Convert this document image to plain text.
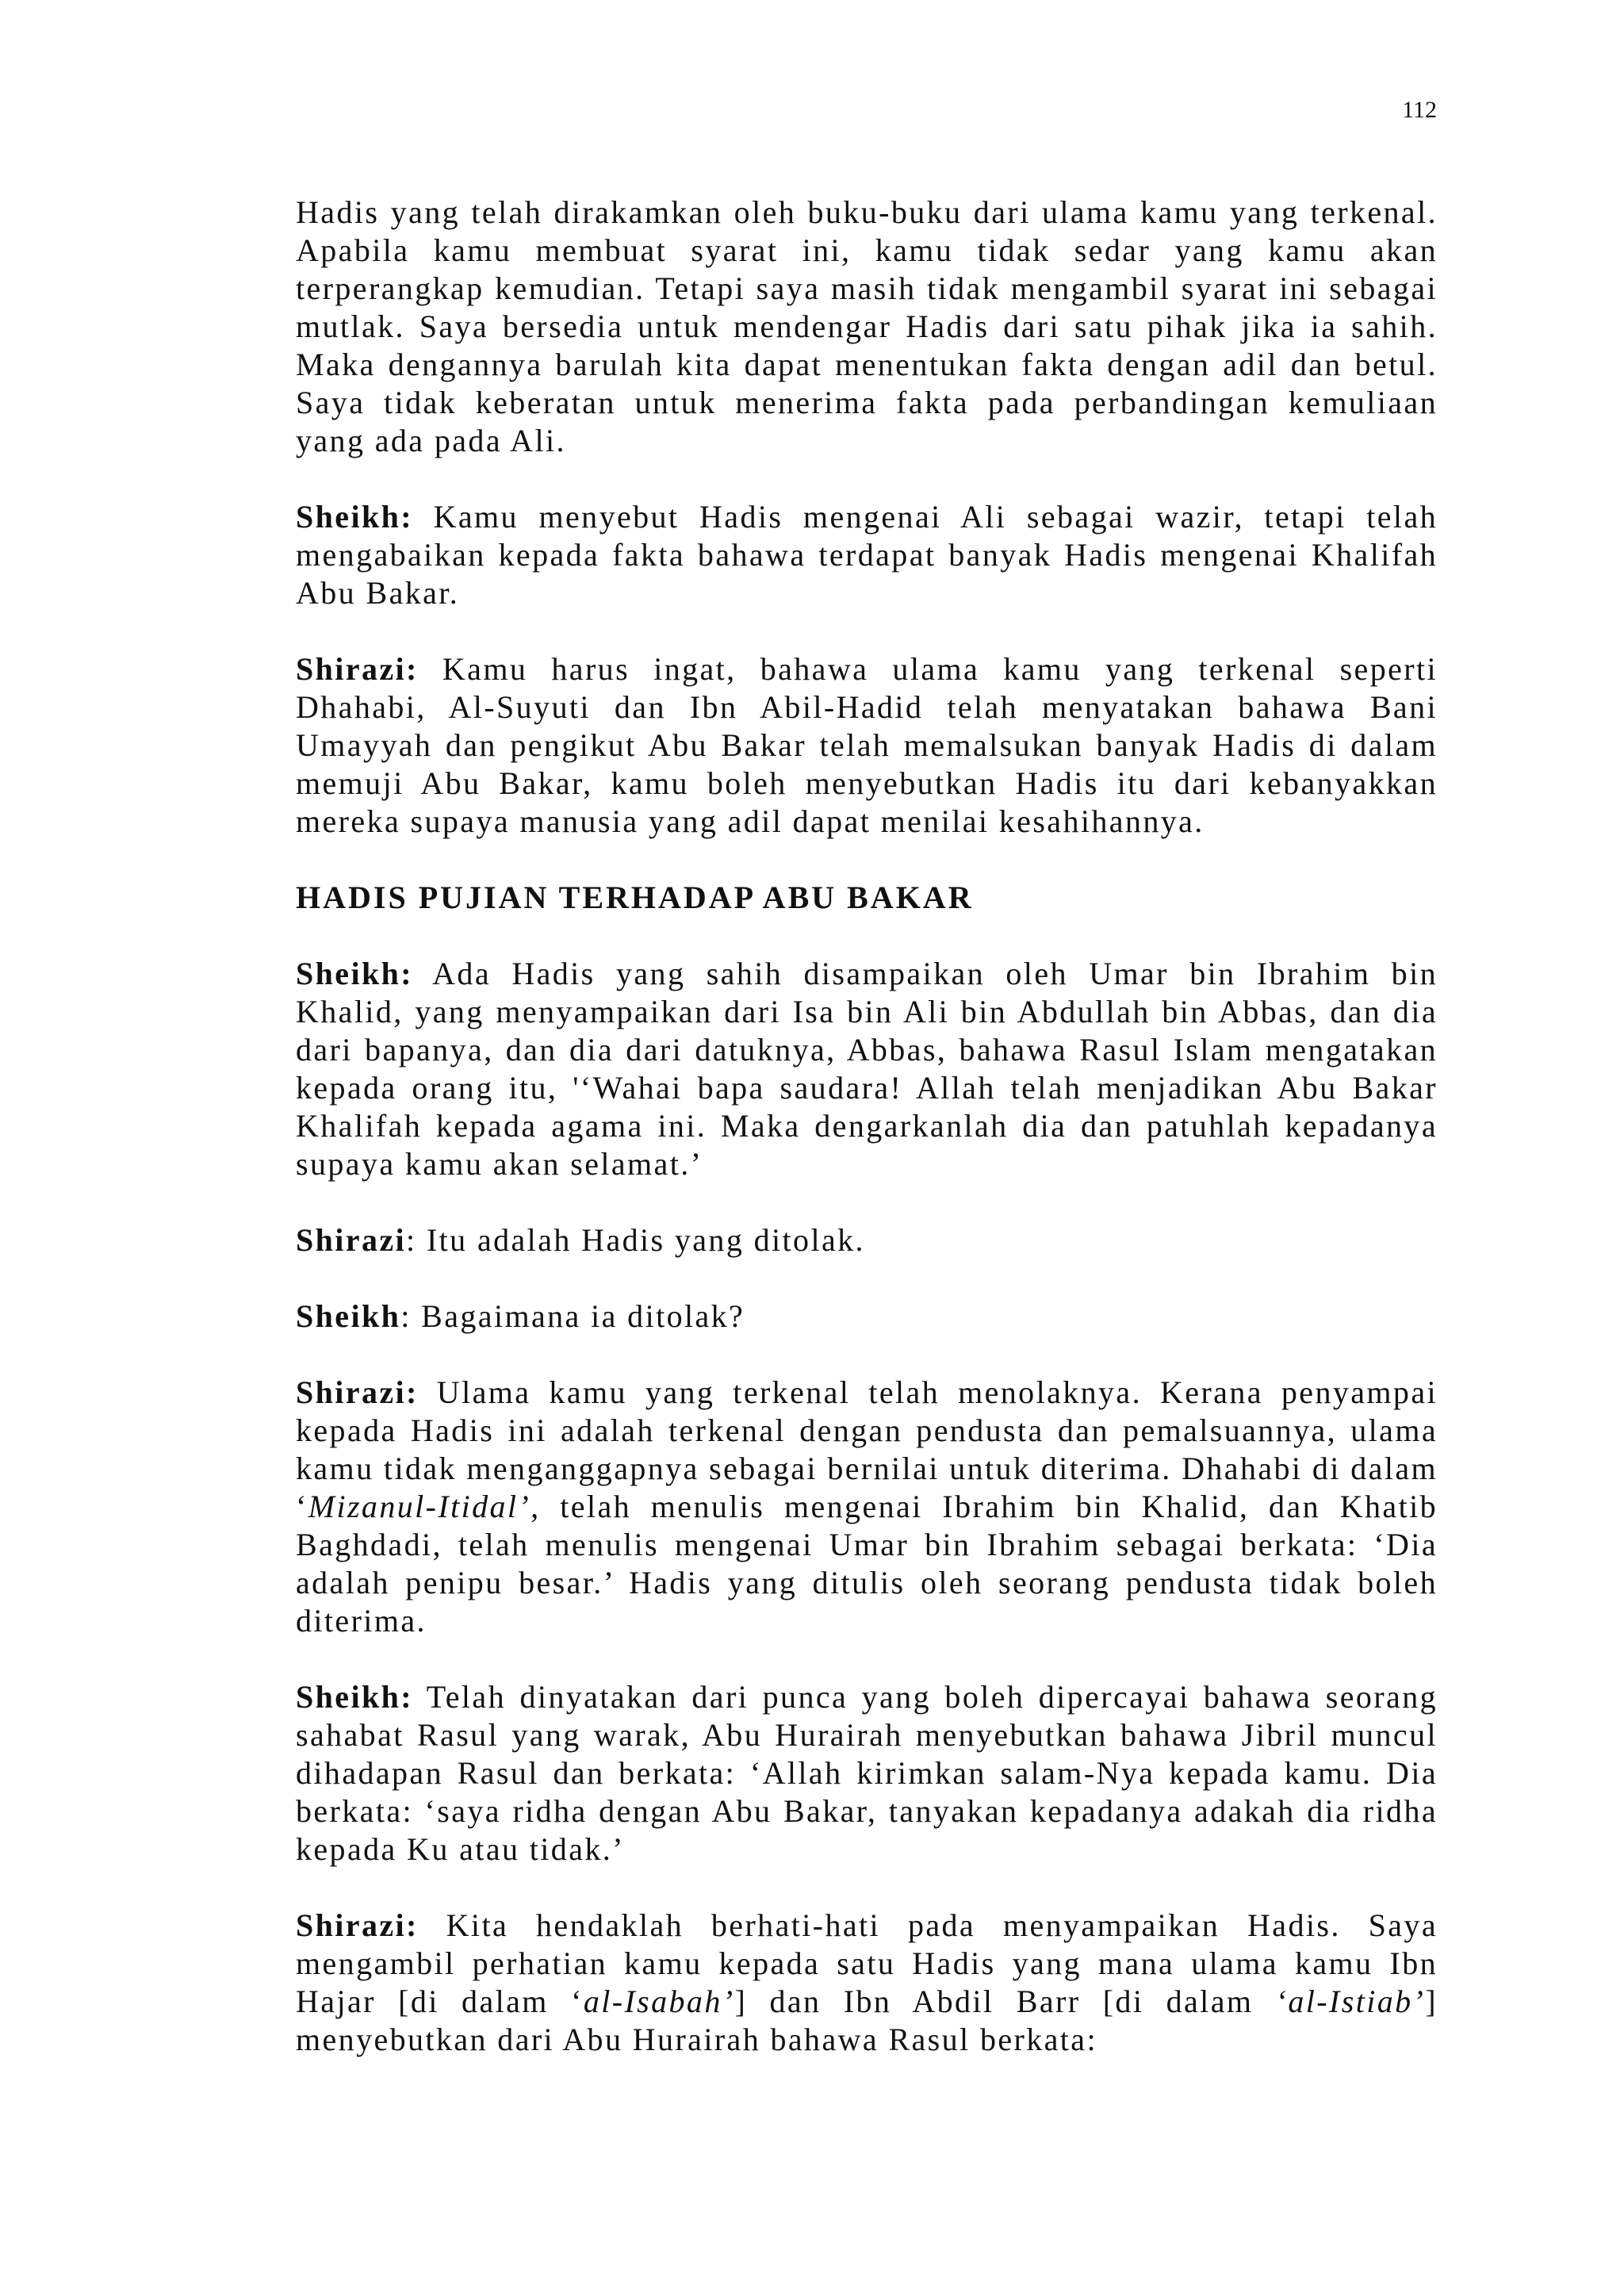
112

Hadis yang telah dirakamkan oleh buku-buku dari ulama kamu yang terkenal. Apabila kamu membuat syarat ini, kamu tidak sedar yang kamu akan terperangkap kemudian. Tetapi saya masih tidak mengambil syarat ini sebagai mutlak. Saya bersedia untuk mendengar Hadis dari satu pihak jika ia sahih. Maka dengannya barulah kita dapat menentukan fakta dengan adil dan betul. Saya tidak keberatan untuk menerima fakta pada perbandingan kemuliaan yang ada pada Ali.

Sheikh: Kamu menyebut Hadis mengenai Ali sebagai wazir, tetapi telah mengabaikan kepada fakta bahawa terdapat banyak Hadis mengenai Khalifah Abu Bakar.

Shirazi: Kamu harus ingat, bahawa ulama kamu yang terkenal seperti Dhahabi, Al-Suyuti dan Ibn Abil-Hadid telah menyatakan bahawa Bani Umayyah dan pengikut Abu Bakar telah memalsukan banyak Hadis di dalam memuji Abu Bakar, kamu boleh menyebutkan Hadis itu dari kebanyakkan mereka supaya manusia yang adil dapat menilai kesahihannya.

HADIS PUJIAN TERHADAP ABU BAKAR

Sheikh: Ada Hadis yang sahih disampaikan oleh Umar bin Ibrahim bin Khalid, yang menyampaikan dari Isa bin Ali bin Abdullah bin Abbas, dan dia dari bapanya, dan dia dari datuknya, Abbas, bahawa Rasul Islam mengatakan kepada orang itu, '‘Wahai bapa saudara! Allah telah menjadikan Abu Bakar Khalifah kepada agama ini. Maka dengarkanlah dia dan patuhlah kepadanya supaya kamu akan selamat.’

Shirazi: Itu adalah Hadis yang ditolak.

Sheikh: Bagaimana ia ditolak?

Shirazi: Ulama kamu yang terkenal telah menolaknya. Kerana penyampai kepada Hadis ini adalah terkenal dengan pendusta dan pemalsuannya, ulama kamu tidak menganggapnya sebagai bernilai untuk diterima. Dhahabi di dalam ‘Mizanul-Itidal’, telah menulis mengenai Ibrahim bin Khalid, dan Khatib Baghdadi, telah menulis mengenai Umar bin Ibrahim sebagai berkata: ‘Dia adalah penipu besar.’ Hadis yang ditulis oleh seorang pendusta tidak boleh diterima.

Sheikh: Telah dinyatakan dari punca yang boleh dipercayai bahawa seorang sahabat Rasul yang warak, Abu Hurairah menyebutkan bahawa Jibril muncul dihadapan Rasul dan berkata: ‘Allah kirimkan salam-Nya kepada kamu. Dia berkata: ‘saya ridha dengan Abu Bakar, tanyakan kepadanya adakah dia ridha kepada Ku atau tidak.’

Shirazi: Kita hendaklah berhati-hati pada menyampaikan Hadis. Saya mengambil perhatian kamu kepada satu Hadis yang mana ulama kamu Ibn Hajar [di dalam ‘al-Isabah’] dan Ibn Abdil Barr [di dalam ‘al-Istiab’] menyebutkan dari Abu Hurairah bahawa Rasul berkata:
